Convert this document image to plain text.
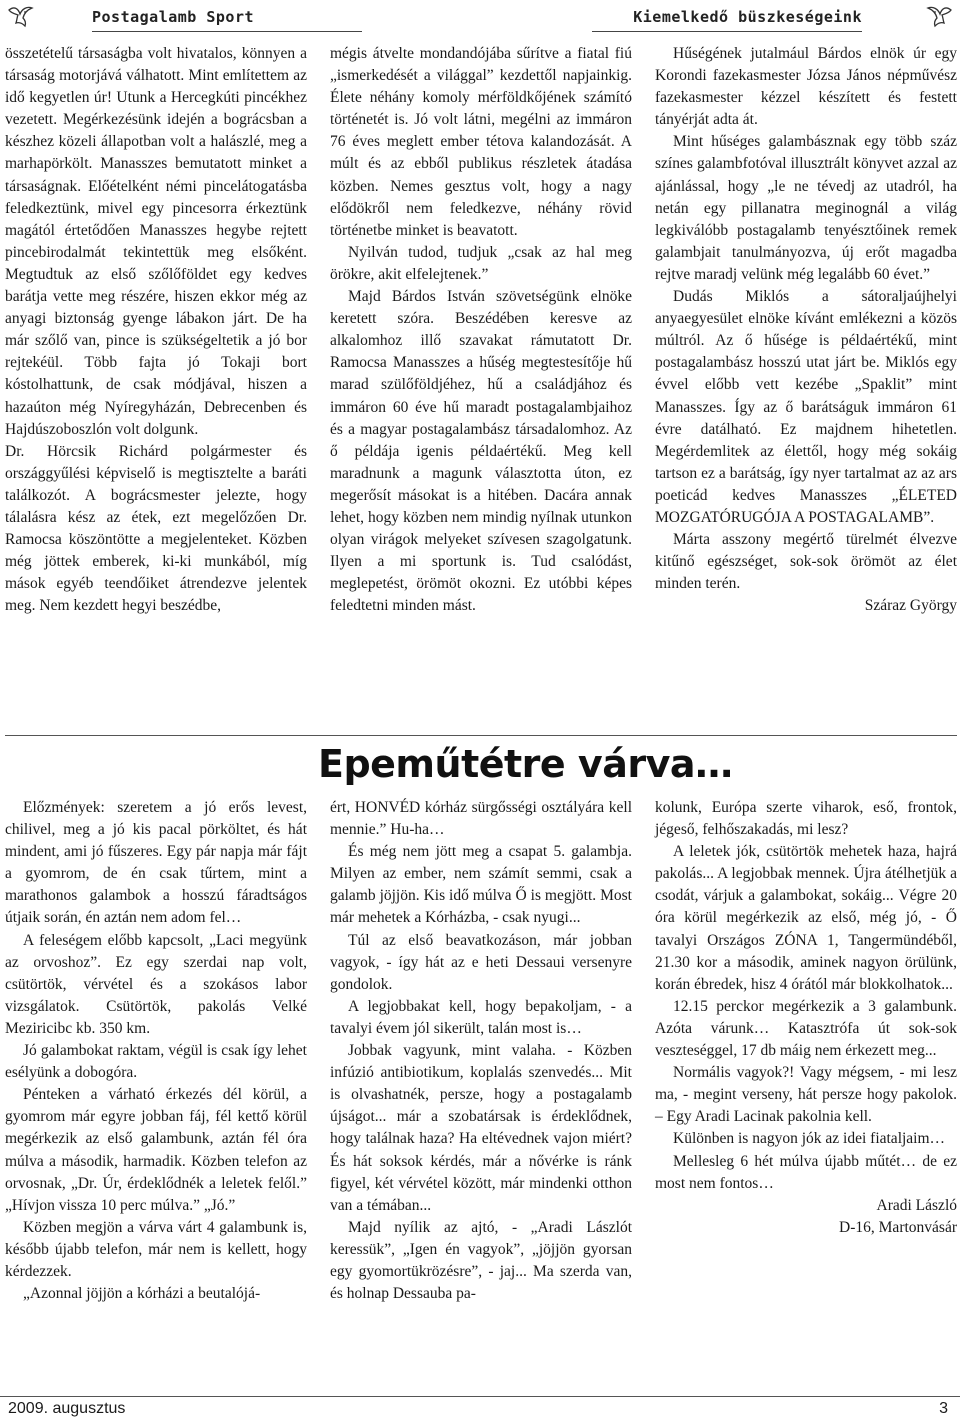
Postagalamb Sport	Kiemelkedő büszkeségeink

összetételű társaságba volt hivatalos, könnyen a társaság motorjává válhatott. Mint említettem az idő kegyetlen úr! Utunk a Hercegkúti pincékhez vezetett. Megérkezésünk idején a bográcsban a készhez közeli állapotban volt a halászlé, meg a marhapörkölt. Manasszes bemutatott minket a társaságnak. Előételként némi pincelátogatásba feledkeztünk, mivel egy pincesorra érkeztünk magától értetődően Manasszes hegybe rejtett pincebirodalmát tekintettük meg elsőként. Megtudtuk az első szőlőföldet egy kedves barátja vette meg részére, hiszen ekkor még az anyagi biztonság gyenge lábakon járt. De ha már szőlő van, pince is szükségeltetik a jó bor rejtekéül. Több fajta jó Tokaji bort kóstolhattunk, de csak módjával, hiszen a hazaúton még Nyíregyházán, Debrecenben és Hajdúszoboszlón volt dolgunk.

Dr. Hörcsik Richárd polgármester és országgyűlési képviselő is megtisztelte a baráti találkozót. A bográcsmester jelezte, hogy tálalásra kész az étek, ezt megelőzően Dr. Ramocsa köszöntötte a megjelenteket. Közben még jöttek emberek, ki-ki munkából, míg mások egyéb teendőiket átrendezve jelentek meg. Nem kezdett hegyi beszédbe,

mégis átvelte mondandójába sűrítve a fiatal fiú „ismerkedését a világgal” kezdettől napjainkig. Élete néhány komoly mérföldkőjének számító történetét is. Jó volt látni, megélni az immáron 76 éves meglett ember tétova kalandozását. A múlt és az ebből publikus részletek átadása közben. Nemes gesztus volt, hogy a nagy elődökről nem feledkezve, néhány rövid történetbe minket is beavatott.

Nyilván tudod, tudjuk „csak az hal meg örökre, akit elfelejtenek.”

Majd Bárdos István szövetségünk elnöke keretett szóra. Beszédében keresve az alkalomhoz illő szavakat rámutatott Dr. Ramocsa Manasszes a hűség megtestesítője hű marad szülőföldjéhez, hű a családjához és immáron 60 éve hű maradt postagalambjaihoz és a magyar postagalambász társadalomhoz. Az ő példája igenis példaértékű. Meg kell maradnunk a magunk választotta úton, ez megerősít másokat is a hitében. Dacára annak lehet, hogy közben nem mindig nyílnak utunkon olyan virágok melyeket szívesen szagolgatunk. Ilyen a mi sportunk is. Tud csalódást, meglepetést, örömöt okozni. Ez utóbbi képes feledtetni minden mást.

Hűségének jutalmául Bárdos elnök úr egy Korondi fazekasmester Józsa János népművész fazekasmester kézzel készített és festett tányérját adta át.

Mint hűséges galambásznak egy több száz színes galambfotóval illusztrált könyvet azzal az ajánlással, hogy „le ne tévedj az utadról, ha netán egy pillanatra meginognál a világ legkiválóbb postagalamb tenyésztőinek remek galambjait tanulmányozva, új erőt magadba rejtve maradj velünk még legalább 60 évet.”

Dudás Miklós a sátoraljaújhelyi anyaegyesület elnöke kívánt emlékezni a közös múltról. Az ő hűsége is példaértékű, mint postagalambász hosszú utat járt be. Miklós egy évvel előbb vett kezébe „Spaklit” mint Manasszes. Így az ő barátságuk immáron 61 évre datálható. Ez majdnem hihetetlen. Megérdemlitek az élettől, hogy még sokáig tartson ez a barátság, így nyer tartalmat az az ars poeticád kedves Manasszes „ÉLETED MOZGATÓRUGÓJA A POSTAGALAMB”.

Márta asszony megértő türelmét élvezve kitűnő egészséget, sok-sok örömöt az élet minden terén.

Száraz György

Epeműtétre várva…

Előzmények: szeretem a jó erős levest, chilivel, meg a jó kis pacal pörköltet, és hát mindent, ami jó fűszeres. Egy pár napja már fájt a gyomrom, de én csak tűrtem, mint a marathonos galambok a hosszú fáradtságos útjaik során, én aztán nem adom fel…

A feleségem előbb kapcsolt, „Laci megyünk az orvoshoz”. Ez egy szerdai nap volt, csütörtök, vérvétel és a szokásos labor vizsgálatok. Csütörtök, pakolás Velké Meziricibc kb. 350 km.

Jó galambokat raktam, végül is csak így lehet esélyünk a dobogóra.

Pénteken a várható érkezés dél körül, a gyomrom már egyre jobban fáj, fél kettő körül megérkezik az első galambunk, aztán fél óra múlva a második, harmadik. Közben telefon az orvosnak, „Dr. Úr, érdeklődnék a leletek felől.” „Hívjon vissza 10 perc múlva.” „Jó.”

Közben megjön a várva várt 4 galambunk is, később újabb telefon, már nem is kellett, hogy kérdezzek.

„Azonnal jöjjön a kórházi a beutalójá-

ért, HONVÉD kórház sürgősségi osztályára kell mennie.” Hu-ha…

És még nem jött meg a csapat 5. galambja. Milyen az ember, nem számít semmi, csak a galamb jöjjön. Kis idő múlva Ő is megjött. Most már mehetek a Kórházba, - csak nyugi...

Túl az első beavatkozáson, már jobban vagyok, - így hát az e heti Dessaui versenyre gondolok.

A legjobbakat kell, hogy bepakoljam, - a tavalyi évem jól sikerült, talán most is…

Jobbak vagyunk, mint valaha. - Közben infúzió antibiotikum, koplalás szenvedés... Mit is olvashatnék, persze, hogy a postagalamb újságot... már a szobatársak is érdeklődnek, hogy találnak haza? Ha eltévednek vajon miért? És hát soksok kérdés, már a nővérke is ránk figyel, két vérvétel között, már mindenki otthon van a témában...

Majd nyílik az ajtó, - „Aradi Lászlót keressük”, „Igen én vagyok”, „jöjjön gyorsan egy gyomortükrözésre”, - jaj... Ma szerda van, és holnap Dessauba pa-

kolunk, Európa szerte viharok, eső, frontok, jégeső, felhőszakadás, mi lesz?

A leletek jók, csütörtök mehetek haza, hajrá pakolás... A legjobbak mennek. Újra átélhetjük a csodát, várjuk a galambokat, sokáig... Végre 20 óra körül megérkezik az első, még jó, - Ő tavalyi Országos ZÓNA 1, Tangermündéből, 21.30 kor a második, aminek nagyon örülünk, korán ébredek, hisz 4 órától már blokkolhatok...

12.15 perckor megérkezik a 3 galambunk. Azóta várunk… Katasztrófa út sok-sok veszteséggel, 17 db máig nem érkezett meg...

Normális vagyok?! Vagy mégsem, - mi lesz ma, - megint verseny, hát persze hogy pakolok. – Egy Aradi Lacinak pakolnia kell.

Különben is nagyon jók az idei fiataljaim…

Mellesleg 6 hét múlva újabb műtét… de ez most nem fontos…

Aradi László

D-16, Martonvásár

2009. augusztus	3
